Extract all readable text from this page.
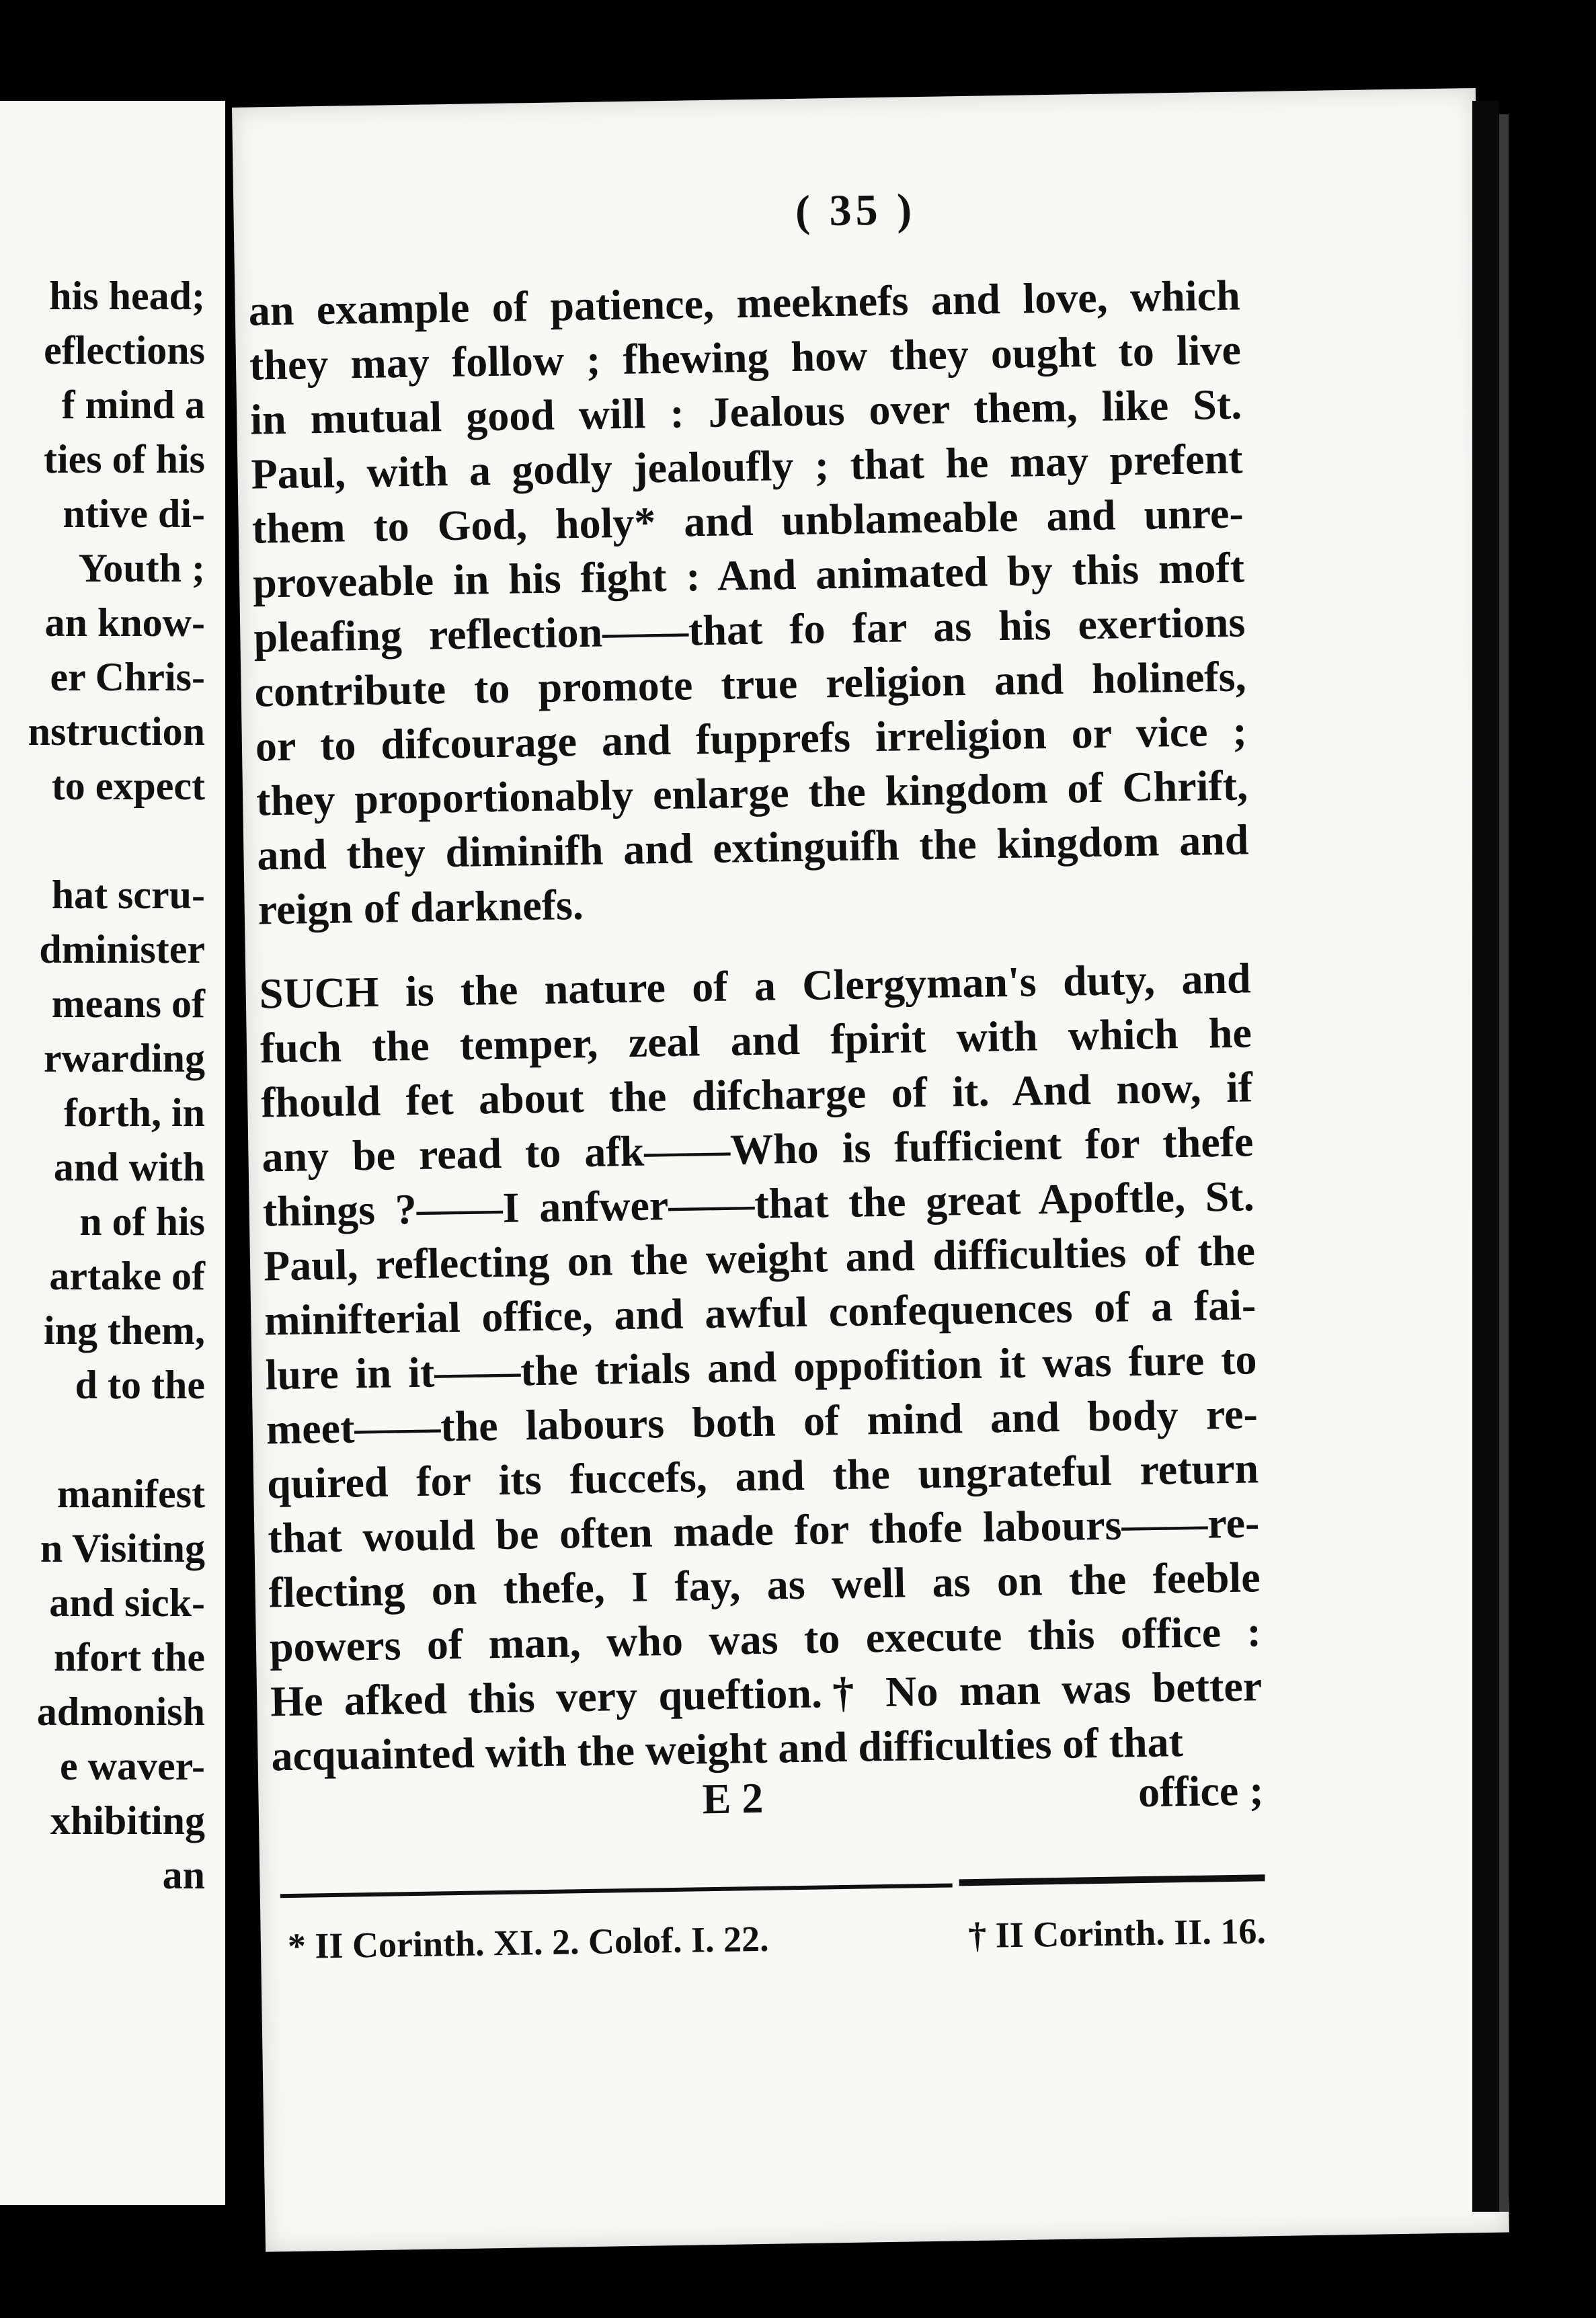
his head;
eflections
f mind a
ties of his
ntive di-
Youth ;
an know-
er Chris-
nstruction
to expect
hat scru-
dminister
means of
rwarding
forth, in
and with
n of his
artake of
ing them,
d to the
manifest
n Visiting
and sick-
nfort the
admonish
e waver-
xhibiting
an
( 35 )
an example of patience, meeknefs and love, which
they may follow ; fhewing how they ought to live
in mutual good will : Jealous over them, like St.
Paul, with a godly jealoufly ; that he may prefent
them to God, holy* and unblameable and unre-
proveable in his fight : And animated by this moft
pleafing reflection——that fo far as his exertions
contribute to promote true religion and holinefs,
or to difcourage and fupprefs irreligion or vice ;
they proportionably enlarge the kingdom of Chrift,
and they diminifh and extinguifh the kingdom and
reign of darknefs.
SUCH is the nature of a Clergyman's duty, and
fuch the temper, zeal and fpirit with which he
fhould fet about the difcharge of it. And now, if
any be read to afk——Who is fufficient for thefe
things ?——I anfwer——that the great Apoftle, St.
Paul, reflecting on the weight and difficulties of the
minifterial office, and awful confequences of a fai-
lure in it——the trials and oppofition it was fure to
meet——the labours both of mind and body re-
quired for its fuccefs, and the ungrateful return
that would be often made for thofe labours——re-
flecting on thefe, I fay, as well as on the feeble
powers of man, who was to execute this office :
He afked this very queftion.† No man was better
acquainted with the weight and difficulties of that
E 2	office ;
* II Corinth. XI. 2. Colof. I. 22.	† II Corinth. II. 16.
